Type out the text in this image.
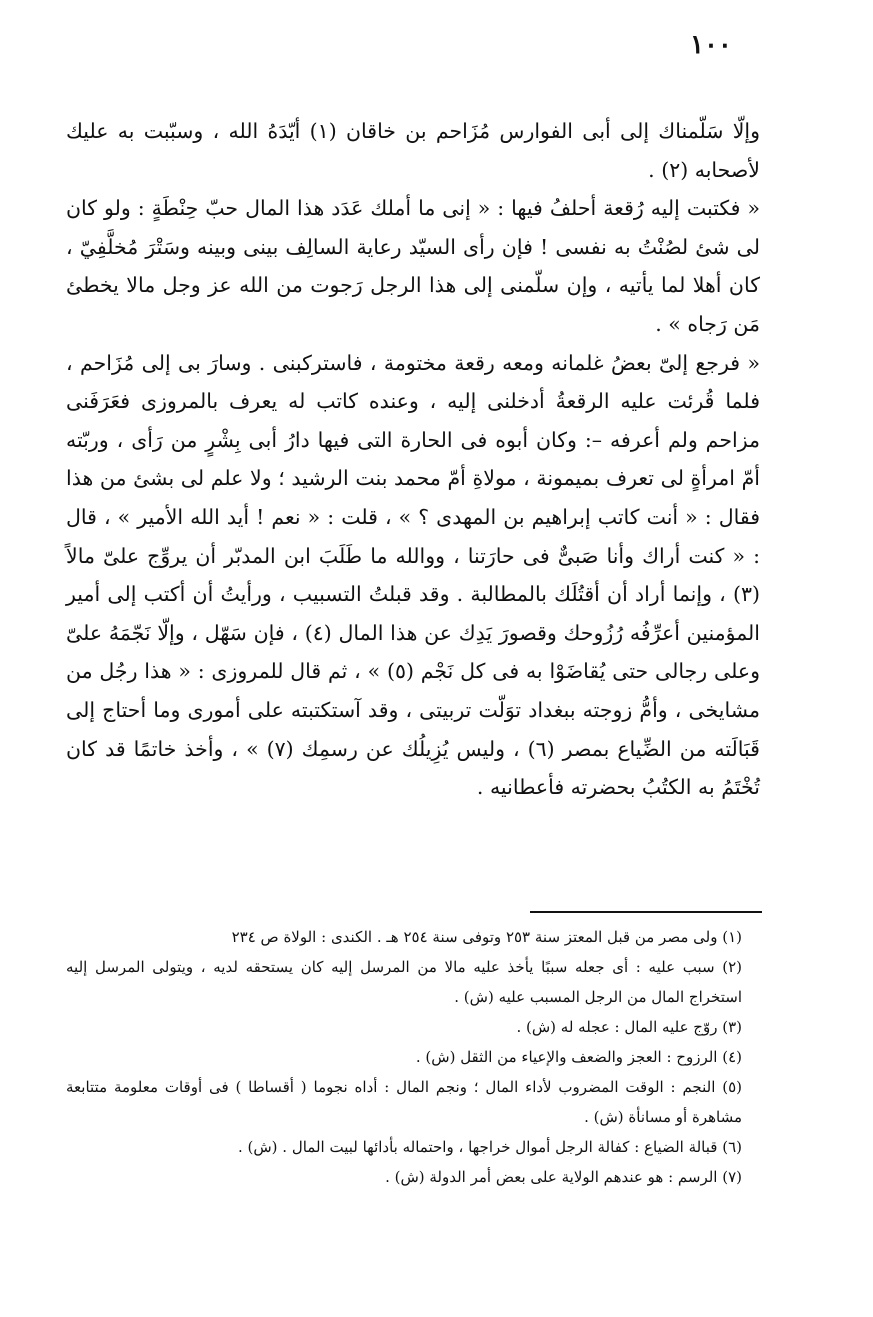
١٠٠

وإلّا سَلّمناك إلى أبى الفوارس مُزَاحم بن خاقان (١) أيّدَهُ الله ، وسبّبت به عليك لأصحابه (٢) .

« فكتبت إليه رُقعة أحلفُ فيها : « إنى ما أملك عَدَد هذا المال حبّ حِنْطَةٍ : ولو كان لى شئ لصُنْتُ به نفسى ! فإن رأى السيّد رعاية السالِف بينى وبينه وسَتْرَ مُخلَّفِيّ ، كان أهلا لما يأتيه ، وإن سلّمنى إلى هذا الرجل رَجوت من الله عز وجل مالا يخطئ مَن رَجاه » .

« فرجع إلىّ بعضُ غلمانه ومعه رقعة مختومة ، فاستركبنى . وسارَ بى إلى مُزَاحم ، فلما قُرئت عليه الرقعةُ أدخلنى إليه ، وعنده كاتب له يعرف بالمروزى فعَرَفَنى مزاحم ولم أعرفه –: وكان أبوه فى الحارة التى فيها دارُ أبى بِشْرٍ من رَأى ، وربّته أمّ امرأةٍ لى تعرف بميمونة ، مولاةِ أمّ محمد بنت الرشيد ؛ ولا علم لى بشئ من هذا فقال : « أنت كاتب إبراهيم بن المهدى ؟ » ، قلت : « نعم ! أيد الله الأمير » ، قال : « كنت أراك وأنا صَبىٌّ فى حارَتنا ، ووالله ما طَلَبَ ابن المدبّر أن يروِّج علىّ مالاً (٣) ، وإنما أراد أن أقتُلَك بالمطالبة . وقد قبلتُ التسبيب ، ورأيتُ أن أكتب إلى أمير المؤمنين أعرِّفُه رُزُوحك وقصورَ يَدِك عن هذا المال (٤) ، فإن سَهّل ، وإلّا نَجّمَهُ علىّ وعلى رجالى حتى يُقاضَوْا به فى كل نَجْم (٥) » ، ثم قال للمروزى : « هذا رجُل من مشايخى ، وأمُّ زوجته ببغداد توَلّت تربيتى ، وقد آستكتبته على أمورى وما أحتاج إلى قَبَالَته من الضِّياع بمصر (٦) ، وليس يُزِيلُك عن رسمِك (٧) » ، وأخذ خاتمًا قد كان تُخْتَمُ به الكتُبُ بحضرته فأعطانيه .

(١) ولى مصر من قبل المعتز سنة ٢٥٣ وتوفى سنة ٢٥٤ هـ . الكندى : الولاة ص ٢٣٤

(٢) سبب عليه : أى جعله سببًا يأخذ عليه مالا من المرسل إليه كان يستحقه لديه ، ويتولى المرسل إليه استخراج المال من الرجل المسبب عليه (ش) .

(٣) روّج عليه المال : عجله له (ش) .

(٤) الرزوح : العجز والضعف والإعياء من الثقل (ش) .

(٥) النجم : الوقت المضروب لأداء المال ؛ ونجم المال : أداه نجوما ( أقساطا ) فى أوقات معلومة متتابعة مشاهرة أو مسانأة (ش) .

(٦) قبالة الضياع : كفالة الرجل أموال خراجها ، واحتماله بأدائها لبيت المال . (ش) .

(٧) الرسم : هو عندهم الولاية على بعض أمر الدولة (ش) .
